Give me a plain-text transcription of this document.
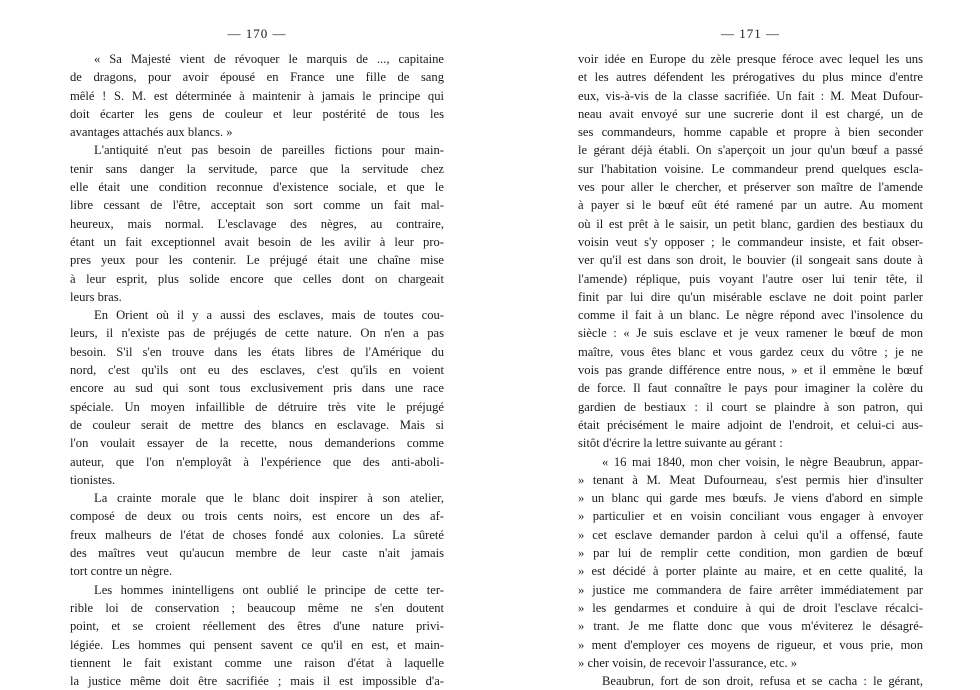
— 170 —
« Sa Majesté vient de révoquer le marquis de ..., capitaine
de dragons, pour avoir épousé en France une fille de sang
mêlé ! S. M. est déterminée à maintenir à jamais le principe qui
doit écarter les gens de couleur et leur postérité de tous les
avantages attachés aux blancs. »
L'antiquité n'eut pas besoin de pareilles fictions pour main-
tenir sans danger la servitude, parce que la servitude chez
elle était une condition reconnue d'existence sociale, et que le
libre cessant de l'être, acceptait son sort comme un fait mal-
heureux, mais normal. L'esclavage des nègres, au contraire,
étant un fait exceptionnel avait besoin de les avilir à leur pro-
pres yeux pour les contenir. Le préjugé était une chaîne mise
à leur esprit, plus solide encore que celles dont on chargeait
leurs bras.
En Orient où il y a aussi des esclaves, mais de toutes cou-
leurs, il n'existe pas de préjugés de cette nature. On n'en a pas
besoin. S'il s'en trouve dans les états libres de l'Amérique du
nord, c'est qu'ils ont eu des esclaves, c'est qu'ils en voient
encore au sud qui sont tous exclusivement pris dans une race
spéciale. Un moyen infaillible de détruire très vite le préjugé
de couleur serait de mettre des blancs en esclavage. Mais si
l'on voulait essayer de la recette, nous demanderions comme
auteur, que l'on n'employât à l'expérience que des anti-aboli-
tionistes.
La crainte morale que le blanc doit inspirer à son atelier,
composé de deux ou trois cents noirs, est encore un des af-
freux malheurs de l'état de choses fondé aux colonies. La sûreté
des maîtres veut qu'aucun membre de leur caste n'ait jamais
tort contre un nègre.
Les hommes inintelligens ont oublié le principe de cette ter-
rible loi de conservation ; beaucoup même ne s'en doutent
point, et se croient réellement des êtres d'une nature privi-
légiée. Les hommes qui pensent savent ce qu'il en est, et main-
tiennent le fait existant comme une raison d'état à laquelle
la justice même doit être sacrifiée ; mais il est impossible d'a-
— 171 —
voir idée en Europe du zèle presque féroce avec lequel les uns
et les autres défendent les prérogatives du plus mince d'entre
eux, vis-à-vis de la classe sacrifiée. Un fait : M. Meat Dufour-
neau avait envoyé sur une sucrerie dont il est chargé, un de
ses commandeurs, homme capable et propre à bien seconder
le gérant déjà établi. On s'aperçoit un jour qu'un bœuf a passé
sur l'habitation voisine. Le commandeur prend quelques escla-
ves pour aller le chercher, et préserver son maître de l'amende
à payer si le bœuf eût été ramené par un autre. Au moment
où il est prêt à le saisir, un petit blanc, gardien des bestiaux du
voisin veut s'y opposer ; le commandeur insiste, et fait obser-
ver qu'il est dans son droit, le bouvier (il songeait sans doute à
l'amende) réplique, puis voyant l'autre oser lui tenir tête, il
finit par lui dire qu'un misérable esclave ne doit point parler
comme il fait à un blanc. Le nègre répond avec l'insolence du
siècle : « Je suis esclave et je veux ramener le bœuf de mon
maître, vous êtes blanc et vous gardez ceux du vôtre ; je ne
vois pas grande différence entre nous, » et il emmène le bœuf
de force. Il faut connaître le pays pour imaginer la colère du
gardien de bestiaux : il court se plaindre à son patron, qui
était précisément le maire adjoint de l'endroit, et celui-ci aus-
sitôt d'écrire la lettre suivante au gérant :
« 16 mai 1840, mon cher voisin, le nègre Beaubrun, appar-
» tenant à M. Meat Dufourneau, s'est permis hier d'insulter
» un blanc qui garde mes bœufs. Je viens d'abord en simple
» particulier et en voisin conciliant vous engager à envoyer
» cet esclave demander pardon à celui qu'il a offensé, faute
» par lui de remplir cette condition, mon gardien de bœuf
» est décidé à porter plainte au maire, et en cette qualité, la
» justice me commandera de faire arrêter immédiatement par
» les gendarmes et conduire à qui de droit l'esclave récalci-
» trant. Je me flatte donc que vous m'éviterez le désagré-
» ment d'employer ces moyens de rigueur, et vous prie, mon
» cher voisin, de recevoir l'assurance, etc. »
Beaubrun, fort de son droit, refusa et se cacha : le gérant,
